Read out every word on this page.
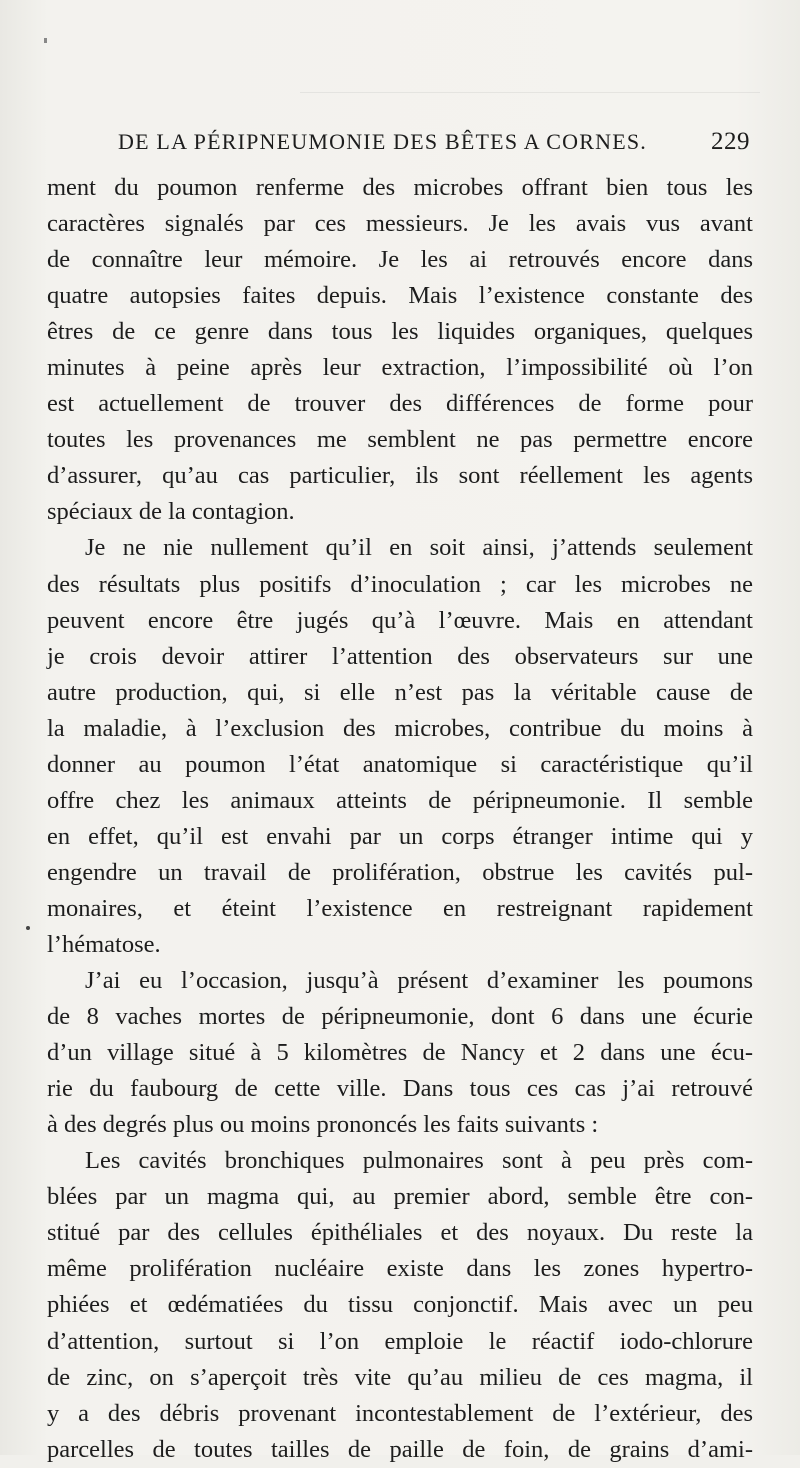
DE LA PÉRIPNEUMONIE DES BÊTES A CORNES.	229
ment du poumon renferme des microbes offrant bien tous les
caractères signalés par ces messieurs. Je les avais vus avant
de connaître leur mémoire. Je les ai retrouvés encore dans
quatre autopsies faites depuis. Mais l’existence constante des
êtres de ce genre dans tous les liquides organiques, quelques
minutes à peine après leur extraction, l’impossibilité où l’on
est actuellement de trouver des différences de forme pour
toutes les provenances me semblent ne pas permettre encore
d’assurer, qu’au cas particulier, ils sont réellement les agents
spéciaux de la contagion.
Je ne nie nullement qu’il en soit ainsi, j’attends seulement
des résultats plus positifs d’inoculation ; car les microbes ne
peuvent encore être jugés qu’à l’œuvre. Mais en attendant
je crois devoir attirer l’attention des observateurs sur une
autre production, qui, si elle n’est pas la véritable cause de
la maladie, à l’exclusion des microbes, contribue du moins à
donner au poumon l’état anatomique si caractéristique qu’il
offre chez les animaux atteints de péripneumonie. Il semble
en effet, qu’il est envahi par un corps étranger intime qui y
engendre un travail de prolifération, obstrue les cavités pul-
monaires, et éteint l’existence en restreignant rapidement
l’hématose.
J’ai eu l’occasion, jusqu’à présent d’examiner les poumons
de 8 vaches mortes de péripneumonie, dont 6 dans une écurie
d’un village situé à 5 kilomètres de Nancy et 2 dans une écu-
rie du faubourg de cette ville. Dans tous ces cas j’ai retrouvé
à des degrés plus ou moins prononcés les faits suivants :
Les cavités bronchiques pulmonaires sont à peu près com-
blées par un magma qui, au premier abord, semble être con-
stitué par des cellules épithéliales et des noyaux. Du reste la
même prolifération nucléaire existe dans les zones hypertro-
phiées et œdématiées du tissu conjonctif. Mais avec un peu
d’attention, surtout si l’on emploie le réactif iodo-chlorure
de zinc, on s’aperçoit très vite qu’au milieu de ces magma, il
y a des débris provenant incontestablement de l’extérieur, des
parcelles de toutes tailles de paille de foin, de grains d’ami-
